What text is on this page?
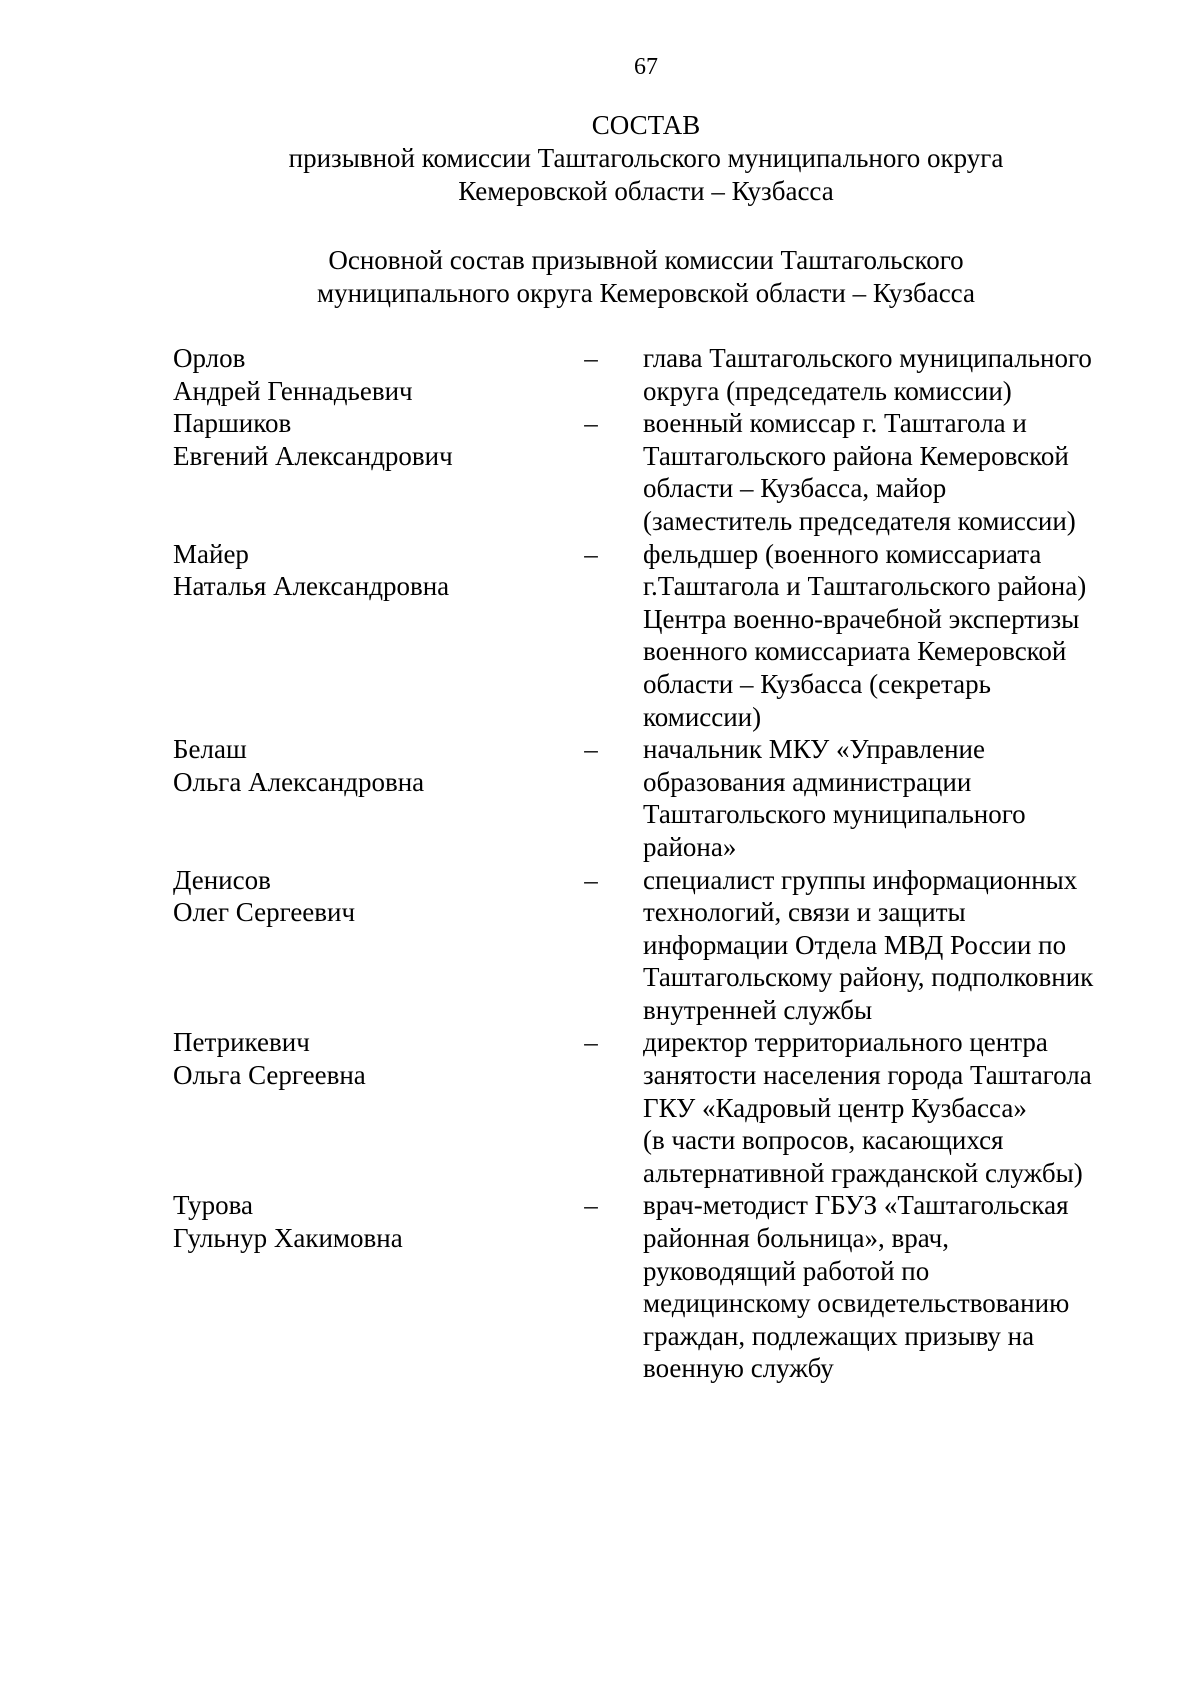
67
СОСТАВ
призывной комиссии Таштагольского муниципального округа
Кемеровской области – Кузбасса
Основной состав призывной комиссии Таштагольского
муниципального округа Кемеровской области – Кузбасса
Орлов
Андрей Геннадьевич
–	глава Таштагольского муниципального
округа (председатель комиссии)
Паршиков
Евгений Александрович
–	военный комиссар г. Таштагола и
Таштагольского района Кемеровской
области – Кузбасса, майор
(заместитель председателя комиссии)
Майер
Наталья Александровна
–	фельдшер (военного комиссариата
г.Таштагола и Таштагольского района)
Центра военно-врачебной экспертизы
военного комиссариата Кемеровской
области – Кузбасса (секретарь
комиссии)
Белаш
Ольга Александровна
–	начальник МКУ «Управление
образования администрации
Таштагольского муниципального
района»
Денисов
Олег Сергеевич
–	специалист группы информационных
технологий, связи и защиты
информации Отдела МВД России по
Таштагольскому району, подполковник
внутренней службы
Петрикевич
Ольга Сергеевна
–	директор территориального центра
занятости населения города Таштагола
ГКУ «Кадровый центр Кузбасса»
(в части вопросов, касающихся
альтернативной гражданской службы)
Турова
Гульнур Хакимовна
–	врач-методист ГБУЗ «Таштагольская
районная больница», врач,
руководящий работой по
медицинскому освидетельствованию
граждан, подлежащих призыву на
военную службу
